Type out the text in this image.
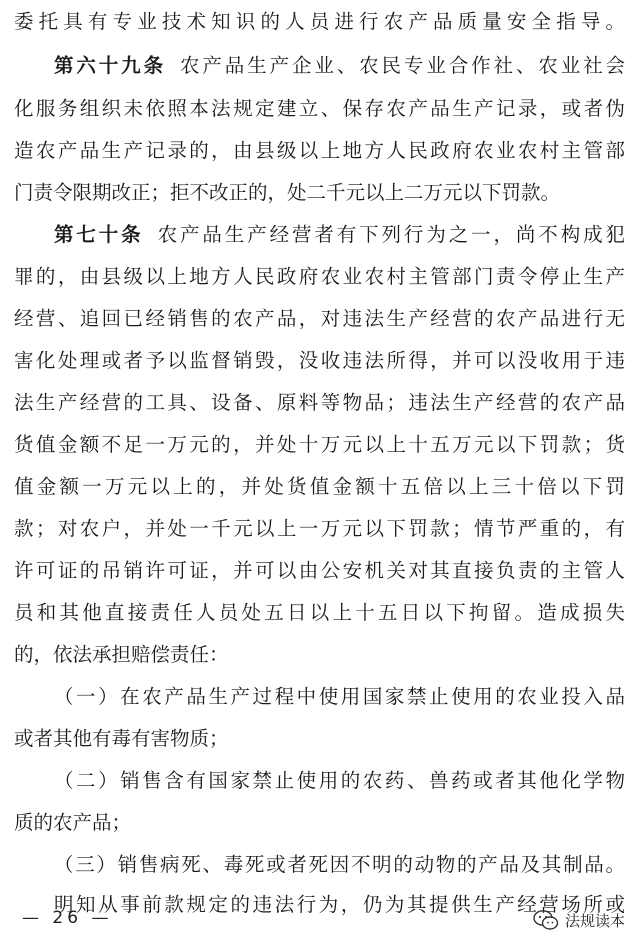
委托具有专业技术知识的人员进行农产品质量安全指导。
第六十九条 农产品生产企业、农民专业合作社、农业社会
化服务组织未依照本法规定建立、保存农产品生产记录，或者伪
造农产品生产记录的，由县级以上地方人民政府农业农村主管部
门责令限期改正；拒不改正的，处二千元以上二万元以下罚款。
第七十条 农产品生产经营者有下列行为之一，尚不构成犯
罪的，由县级以上地方人民政府农业农村主管部门责令停止生产
经营、追回已经销售的农产品，对违法生产经营的农产品进行无
害化处理或者予以监督销毁，没收违法所得，并可以没收用于违
法生产经营的工具、设备、原料等物品；违法生产经营的农产品
货值金额不足一万元的，并处十万元以上十五万元以下罚款；货
值金额一万元以上的，并处货值金额十五倍以上三十倍以下罚
款；对农户，并处一千元以上一万元以下罚款；情节严重的，有
许可证的吊销许可证，并可以由公安机关对其直接负责的主管人
员和其他直接责任人员处五日以上十五日以下拘留。造成损失
的，依法承担赔偿责任：
（一）在农产品生产过程中使用国家禁止使用的农业投入品
或者其他有毒有害物质；
（二）销售含有国家禁止使用的农药、兽药或者其他化学物
质的农产品；
（三）销售病死、毒死或者死因不明的动物的产品及其制品。
明知从事前款规定的违法行为，仍为其提供生产经营场所或
— 26 —	法规读本
